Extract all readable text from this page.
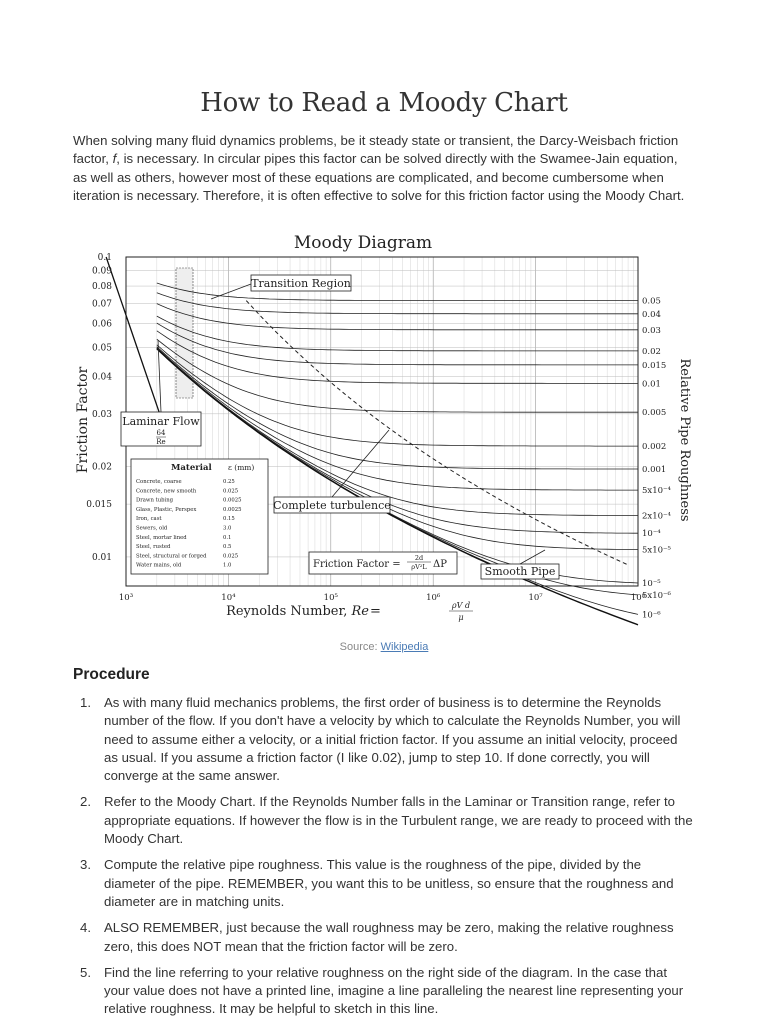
How to Read a Moody Chart

When solving many fluid dynamics problems, be it steady state or transient, the Darcy-Weisbach friction factor, f, is necessary. In circular pipes this factor can be solved directly with the Swamee-Jain equation, as well as others, however most of these equations are complicated, and become cumbersome when iteration is necessary. Therefore, it is often effective to solve for this friction factor using the Moody Chart.

Moody Diagram
0.1
0.09
0.08
0.07
0.06
0.05
0.04
0.03
0.02
0.015
0.01
10³	10⁴	10⁵	10⁶	10⁷	10⁸
0.05
0.04
0.03
0.02
0.015
0.01
0.005
0.002
0.001
5x10⁻⁴
2x10⁻⁴
10⁻⁴
5x10⁻⁵
10⁻⁵
5x10⁻⁶
10⁻⁶
Transition Region
Laminar Flow
64
Re
Complete turbulence
Smooth Pipe
Friction Factor =
2d
ρV²L ΔP
Material ε (mm)
Concrete, coarse	0.25
Concrete, new smooth	0.025
Drawn tubing	0.0025
Glass, Plastic, Perspex	0.0025
Iron, cast	0.15
Sewers, old	3.0
Steel, mortar lined	0.1
Steel, rusted	0.5
Steel, structural or forged	0.025
Water mains, old	1.0
Friction Factor	Relative Pipe Roughness
Reynolds Number, Re =	ρV d
μ
Source: Wikipedia
Procedure
1. As with many fluid mechanics problems, the first order of business is to determine the Reynolds number of the flow. If you don't have a velocity by which to calculate the Reynolds Number, you will need to assume either a velocity, or a initial friction factor. If you assume an initial velocity, proceed as usual. If you assume a friction factor (I like 0.02), jump to step 10. If done correctly, you will converge at the same answer.
2. Refer to the Moody Chart. If the Reynolds Number falls in the Laminar or Transition range, refer to appropriate equations. If however the flow is in the Turbulent range, we are ready to proceed with the Moody Chart.
3. Compute the relative pipe roughness. This value is the roughness of the pipe, divided by the diameter of the pipe. REMEMBER, you want this to be unitless, so ensure that the roughness and diameter are in matching units.
4. ALSO REMEMBER, just because the wall roughness may be zero, making the relative roughness zero, this does NOT mean that the friction factor will be zero.
5. Find the line referring to your relative roughness on the right side of the diagram. In the case that your value does not have a printed line, imagine a line paralleling the nearest line representing your relative roughness. It may be helpful to sketch in this line.
